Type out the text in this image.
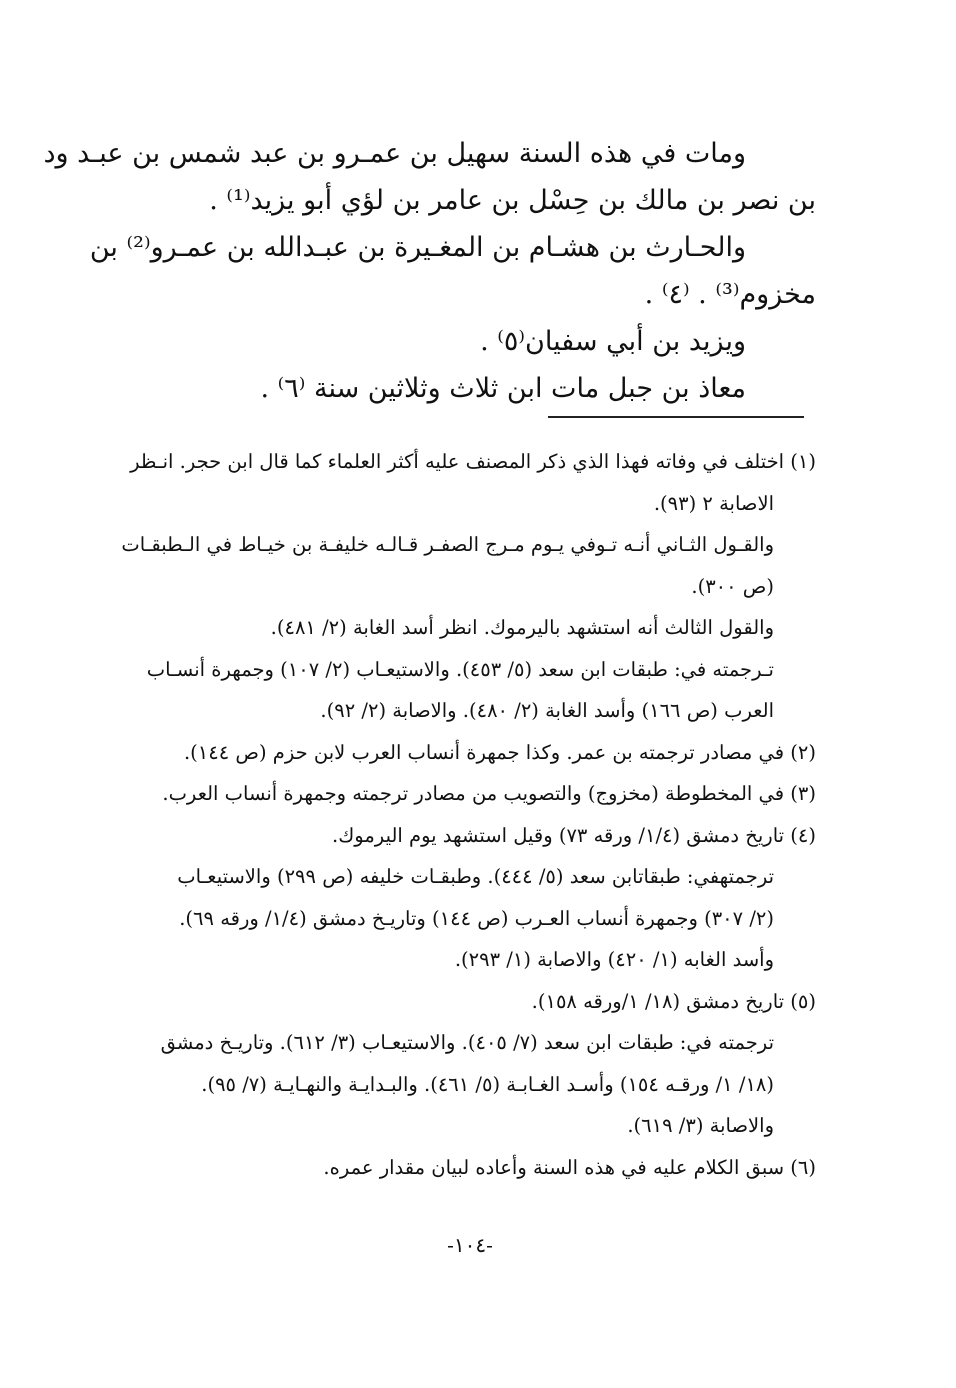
ومات في هذه السنة سهيل بن عمـرو بن عبد شمس بن عبـد ود
بن نصر بن مالك بن حِسْل بن عامر بن لؤي أبو يزيد⁽¹⁾ .
والحـارث بن هشـام بن المغـيرة بن عبـدالله بن عمـرو⁽²⁾ بن
مخزوم⁽³⁾ . ⁽٤⁾ .
ويزيد بن أبي سفيان⁽٥⁾ .
معاذ بن جبل مات ابن ثلاث وثلاثين سنة ⁽٦⁾ .
(١) اختلف في وفاته فهذا الذي ذكر المصنف عليه أكثر العلماء كما قال ابن حجر. انـظر
الاصابة ٢ (٩٣).
والقـول الثـاني أنـه تـوفي يـوم مـرج الصفـر قـالـه خليفـة بن خيـاط في الـطبقـات
(ص ٣٠٠).
والقول الثالث أنه استشهد باليرموك. انظر أسد الغابة (٢/ ٤٨١).
تـرجمته في: طبقات ابن سعد (٥/ ٤٥٣). والاستيعـاب (٢/ ١٠٧) وجمهرة أنسـاب
العرب (ص ١٦٦) وأسد الغابة (٢/ ٤٨٠). والاصابة (٢/ ٩٢).
(٢) في مصادر ترجمته بن عمر. وكذا جمهرة أنساب العرب لابن حزم (ص ١٤٤).
(٣) في المخطوطة (مخزوج) والتصويب من مصادر ترجمته وجمهرة أنساب العرب.
(٤) تاريخ دمشق (١/٤/ ورقه ٧٣) وقيل استشهد يوم اليرموك.
ترجمتهفي: طبقاتابن سعد (٥/ ٤٤٤). وطبقـات خليفه (ص ٢٩٩) والاستيعـاب
(٢/ ٣٠٧) وجمهرة أنساب العـرب (ص ١٤٤) وتاريـخ دمشق (١/٤/ ورقه ٦٩).
وأسد الغابه (١/ ٤٢٠) والاصابة (١/ ٢٩٣).
(٥) تاريخ دمشق (١٨/ ١/ورقه ١٥٨).
ترجمته في: طبقات ابن سعد (٧/ ٤٠٥). والاستيعـاب (٣/ ٦١٢). وتاريـخ دمشق
(١٨/ ١/ ورقـه ١٥٤) وأسـد الغـابـة (٥/ ٤٦١). والبـدايـة والنهـايـة (٧/ ٩٥).
والاصابة (٣/ ٦١٩).
(٦) سبق الكلام عليه في هذه السنة وأعاده لبيان مقدار عمره.
-١٠٤-
